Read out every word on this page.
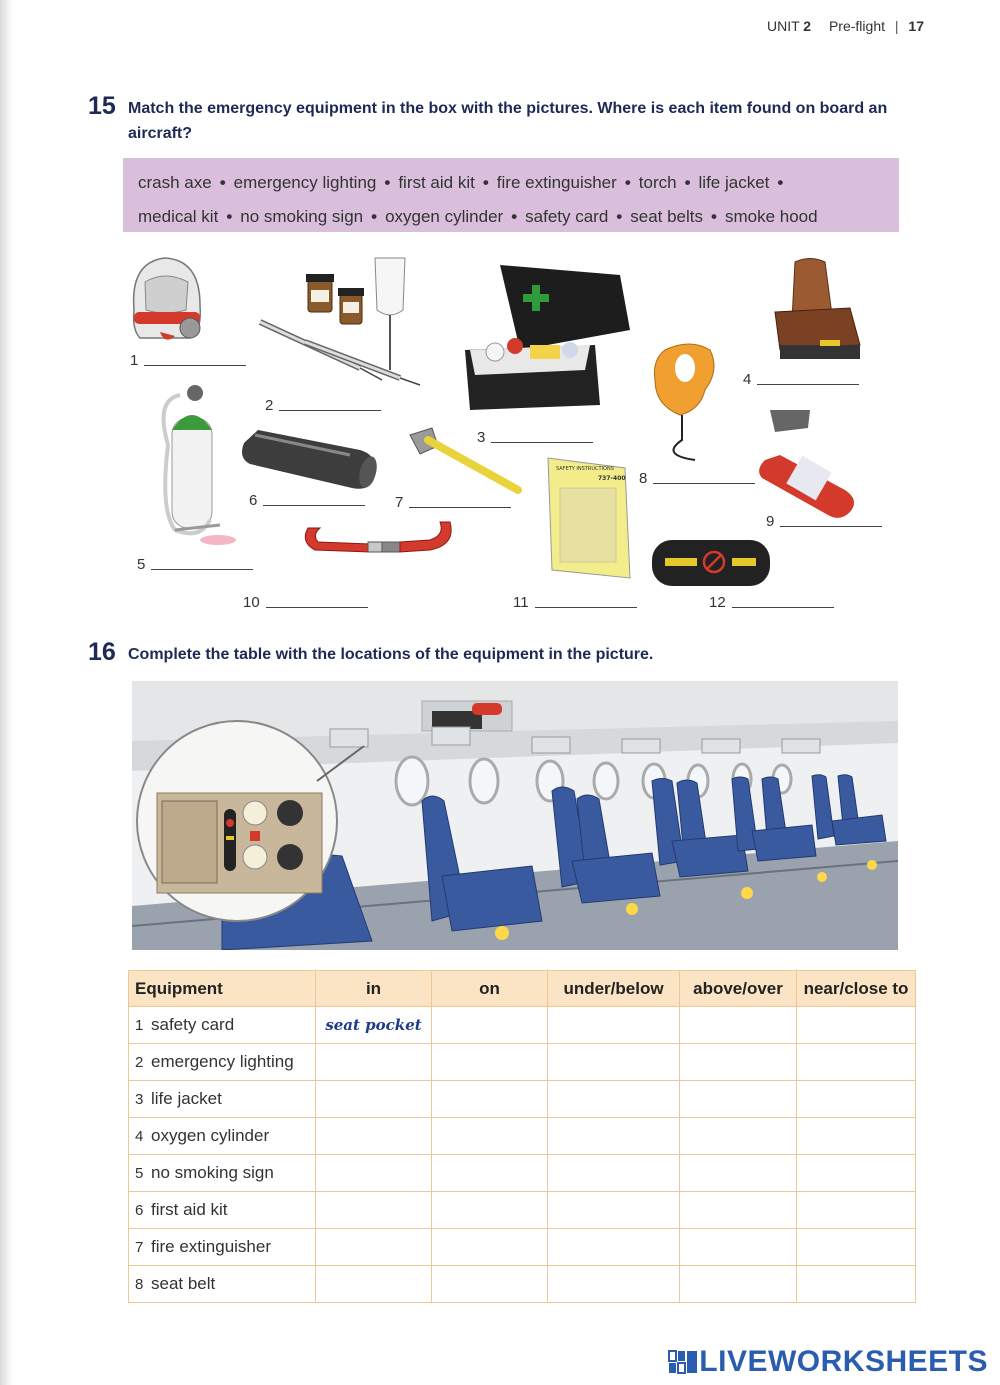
UNIT 2 Pre-flight | 17
15 Match the emergency equipment in the box with the pictures. Where is each item found on board an aircraft?
crash axe • emergency lighting • first aid kit • fire extinguisher • torch • life jacket •
medical kit • no smoking sign • oxygen cylinder • safety card • seat belts • smoke hood
SAFETY INSTRUCTIONS
737-400
1
2
3
4
5
6	7
8
9
10	11	12
16 Complete the table with the locations of the equipment in the picture.
Equipment	in	on	under/below	above/over	near/close to
1 safety card	seat pocket				
2 emergency lighting					
3 life jacket					
4 oxygen cylinder					
5 no smoking sign					
6 first aid kit					
7 fire extinguisher					
8 seat belt					
LIVEWORKSHEETS
